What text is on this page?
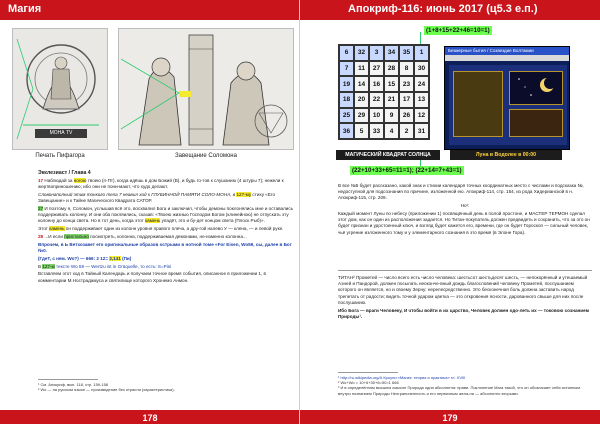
Магия
МОНА ТV
Печать Пифагора	Завещание Соломона
Экклезиаст / Глава 4

17 Наблюдай за ногою твоею (п-Пт), когда идёшь в дом Божий (В), и будь го-тов к слушанию (4 штуры 7); нежели к жертвоприношению; ибо они не пони-мают, что худо делают.

Словонаполный этим тонкого тела 7 неавил ход к ГЛУБИННОЙ ПАМЯТИ СОЛО-МОНА, в 127-му стиху «Его Завещание» и к Тайне Магического Квадрата САТОР.

27 И поэтому я, Соломон, услышав всё это, восхвалил Бога и заключил, чтобы демоны поклонялись мне и оставались поддерживать колонну. И они оба покляились, сказав: «Твоею жизнью Господом Богом (клинейною) не отпускать эту колонну до конца света. Но в тот день, когда этот камень упадёт, это и бу-дет концом света (Плоск Рыб)».

Этот камень он поддерживает один из колонн уровня правого плеча, а дру-гой налево У — клена, — и левой руке.

28 ...И если пристально посмотреть, колонна, поддерживаемая демонами, не-изменно колонна...

Впрочем, в Ь Ветхозавет его оригинальные образов острыми в нотной томе «For Eisen, Wo59, сы, далее в Бог №0.

(ГдеТ, с нем. Wo?) — 666: 2 12= 3,141 (Пи)

В 127-м тексте Wo 59 — Wertzu ist in Grüquelle, то есть: S=Pini

Вставляем этот ход в Тайный Календарь и получаем точное время события, описанное в приложении 1, в комментарии М.Нострадамуса и святилище которого Хронемо Анмон.

¹ См. Апокриф, вып. 118, стр. 159-158
² Wo — на русском языке — произведение без отрасли (характеристики).
178
Апокриф-116: июнь 2017 (ц5.3 е.п.)
(1+8+15+22+46=10=1)
6	32	3	34	35	1
7	11	27	28	8	30
19	14	16	15	23	24
18	20	22	21	17	13
25	29	10	9	26	12
36	5	33	4	2	31
МАГИЧЕСКИЙ КВАДРАТ СОЛНЦА
Безмерные бытия / Созвездие Волтамии
Луна в Водолее в 00:00
(22+10+33+65=11=1); (22+14=7+43=1)

В все №5 будет рассказано, какой знак и стихии календаря точных координатных место с числами и подсказка №, недоступной для подсознания по причине, изложенной ею. Апокриф-114, стр. 154, из рода Хидерианской в н. Апокриф-115, стр. 209.

Но¹:

Каждый момент Луны по небесу (приложении 1) посвящённый день в полой простоне, и МАСТЕР ТЕРМОН сделал этот дом, как он один из расположения задается. Но Титан-покупатель должен предвидеть и сохранить, что за это он будет признан и удостоенный ключ, и взгляд будет кажется его, времени, где он будет Гороскоп — сильный человек, чьё угрение изложенного тому и у элементарного сознания в это время (в Элоне Гора).

ТИТАН² Прометей — число всего есть число человека: шестьсот шестьдесят шесть, — непокорённый и утешаемый Аэней и Пандорой, должен посылать неоконче-вный дождь благословений человеку Прометей, послушанием которого он является, но и своему Зерну: нерелесредственно. Это бесконечная боль должна заставить народ трепетать от радости; видеть точной ударом цветка — это откровения ясности, дарованного свыше для них после послушанию.

Ибо Бога — враги Человеку, И чтобы войти в их царство, Человек должен одо-леть их — токовою сознанием Природы¹.

¹ http://ru.wikipedia.org/А Кроули «Магия: теория и практика» гл. XVIII
² Wo+Wo = 10+6+30+6=50=1 666
³ И в определённом высшем смысле Природа одна абсолютна: прави. Поклонение Мага такой, что он обозначает себя истинным внутри познанием Природы Неограниченность и его первичным жела-ни — абсолютно вторыми.
179
